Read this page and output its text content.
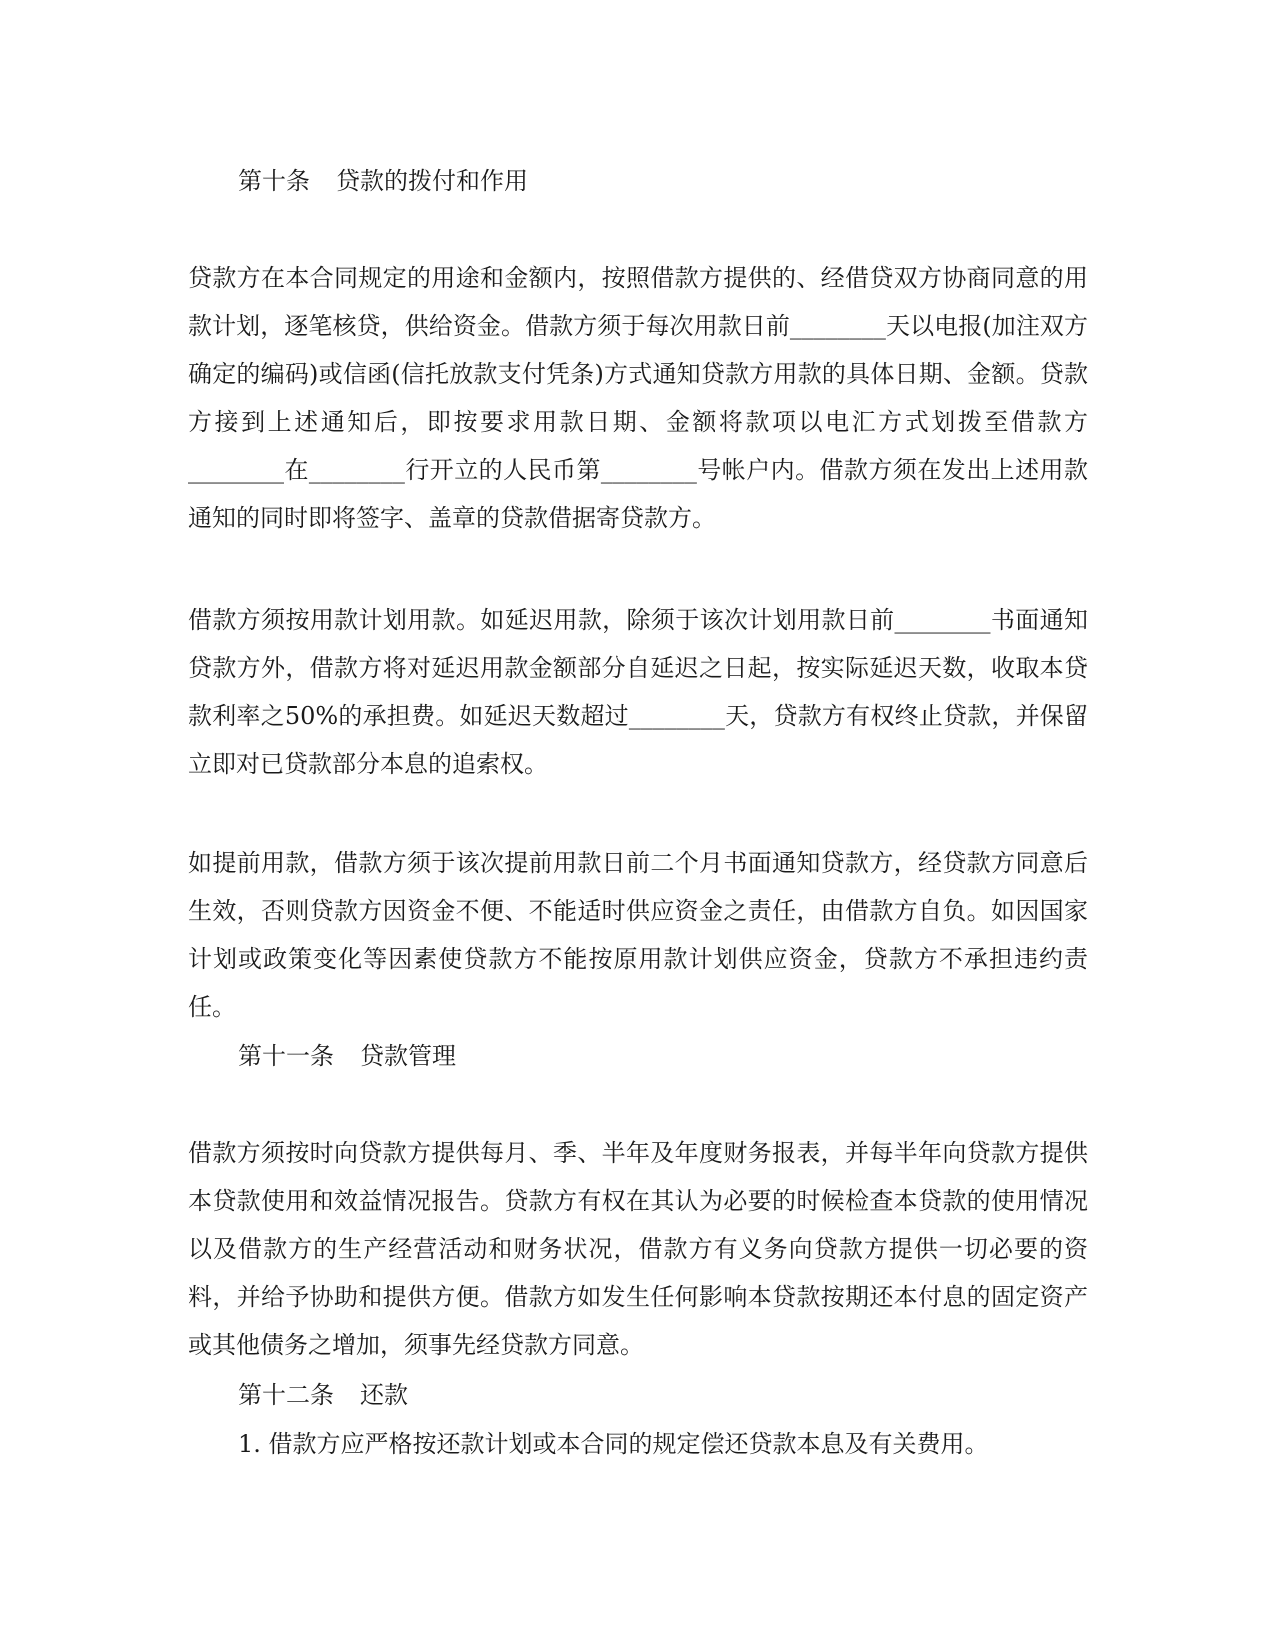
第十条 贷款的拨付和作用

贷款方在本合同规定的用途和金额内，按照借款方提供的、经借贷双方协商同意的用款计划，逐笔核贷，供给资金。借款方须于每次用款日前________天以电报(加注双方确定的编码)或信函(信托放款支付凭条)方式通知贷款方用款的具体日期、金额。贷款方接到上述通知后，即按要求用款日期、金额将款项以电汇方式划拨至借款方________在________行开立的人民币第________号帐户内。借款方须在发出上述用款通知的同时即将签字、盖章的贷款借据寄贷款方。

借款方须按用款计划用款。如延迟用款，除须于该次计划用款日前________书面通知贷款方外，借款方将对延迟用款金额部分自延迟之日起，按实际延迟天数，收取本贷款利率之50%的承担费。如延迟天数超过________天，贷款方有权终止贷款，并保留立即对已贷款部分本息的追索权。

如提前用款，借款方须于该次提前用款日前二个月书面通知贷款方，经贷款方同意后生效，否则贷款方因资金不便、不能适时供应资金之责任，由借款方自负。如因国家计划或政策变化等因素使贷款方不能按原用款计划供应资金，贷款方不承担违约责任。

第十一条 贷款管理

借款方须按时向贷款方提供每月、季、半年及年度财务报表，并每半年向贷款方提供本贷款使用和效益情况报告。贷款方有权在其认为必要的时候检查本贷款的使用情况以及借款方的生产经营活动和财务状况，借款方有义务向贷款方提供一切必要的资料，并给予协助和提供方便。借款方如发生任何影响本贷款按期还本付息的固定资产或其他债务之增加，须事先经贷款方同意。

第十二条 还款

1. 借款方应严格按还款计划或本合同的规定偿还贷款本息及有关费用。
